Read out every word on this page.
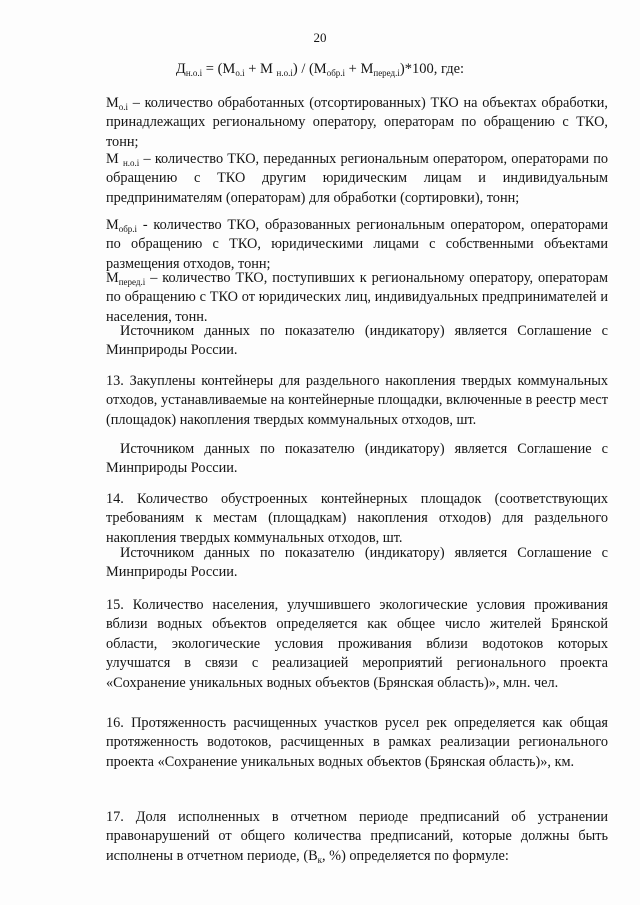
20
$Д_{н.о.i} = (М_{о.i} + М$ $_{н.о.i}) / (М_{обр.i} + М_{перед.i})*100$, где:

$М_{o.i}$ – количество обработанных (отсортированных) ТКО на объектах обработки, принадлежащих региональному оператору, операторам по обращению с ТКО, тонн;

М $_{н.о.i}$ – количество ТКО, переданных региональным оператором, операторами по обращению с ТКО другим юридическим лицам и индивидуальным предпринимателям (операторам) для обработки (сортировки), тонн;

$М_{обр.i}$ - количество ТКО, образованных региональным оператором, операторами по обращению с ТКО, юридическими лицами с собственными объектами размещения отходов, тонн;

$М_{перед.i}$ – количество ТКО, поступивших к региональному оператору, операторам по обращению с ТКО от юридических лиц, индивидуальных предпринимателей и населения, тонн.

Источником данных по показателю (индикатору) является Соглашение с Минприроды России.

13. Закуплены контейнеры для раздельного накопления твердых коммунальных отходов, устанавливаемые на контейнерные площадки, включенные в реестр мест (площадок) накопления твердых коммунальных отходов, шт.

Источником данных по показателю (индикатору) является Соглашение с Минприроды России.

14. Количество обустроенных контейнерных площадок (соответствующих требованиям к местам (площадкам) накопления отходов) для раздельного накопления твердых коммунальных отходов, шт.

Источником данных по показателю (индикатору) является Соглашение с Минприроды России.

15. Количество населения, улучшившего экологические условия проживания вблизи водных объектов определяется как общее число жителей Брянской области, экологические условия проживания вблизи водотоков которых улучшатся в связи с реализацией мероприятий регионального проекта «Сохранение уникальных водных объектов (Брянская область)», млн. чел.

16. Протяженность расчищенных участков русел рек определяется как общая протяженность водотоков, расчищенных в рамках реализации регионального проекта «Сохранение уникальных водных объектов (Брянская область)», км.

17. Доля исполненных в отчетном периоде предписаний об устранении правонарушений от общего количества предписаний, которые должны быть исполнены в отчетном периоде, ($В_к$, %) определяется по формуле:
